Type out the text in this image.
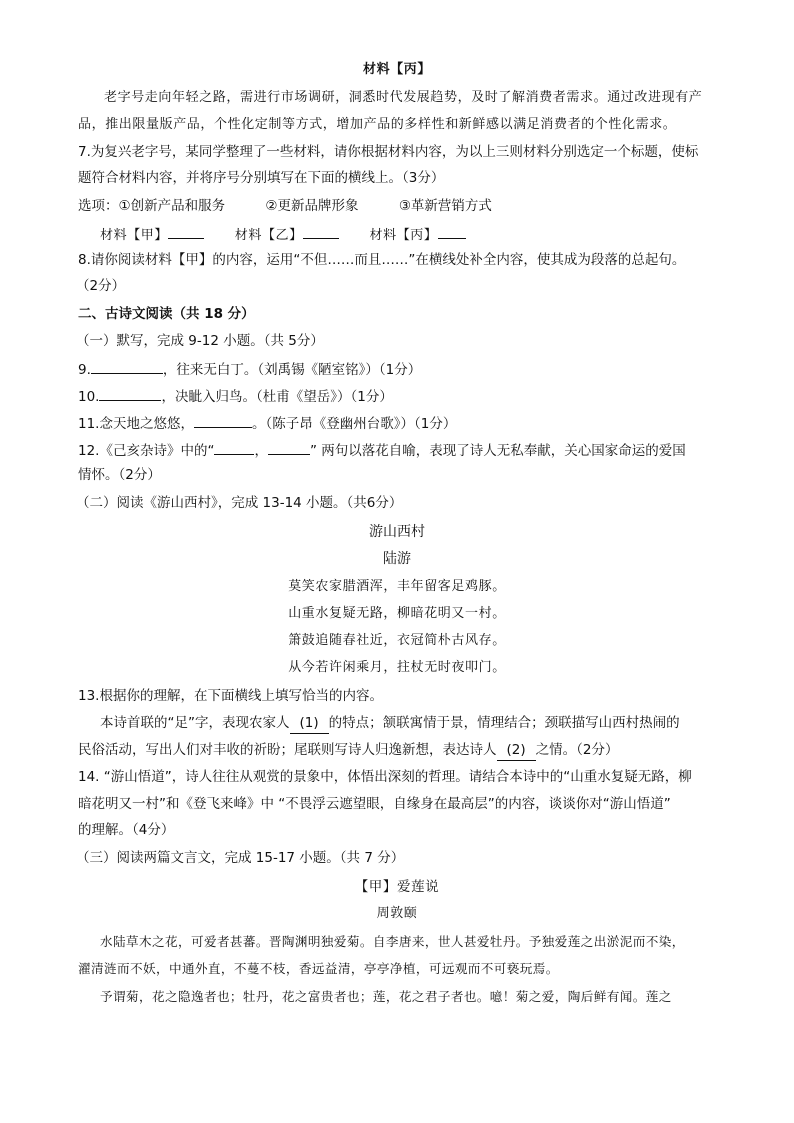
材料【丙】
老字号走向年轻之路，需进行市场调研，洞悉时代发展趋势，及时了解消费者需求。通过改进现有产
品，推出限量版产品，个性化定制等方式，增加产品的多样性和新鲜感以满足消费者的个性化需求。
7.为复兴老字号，某同学整理了一些材料，请你根据材料内容，为以上三则材料分别选定一个标题，使标
题符合材料内容，并将序号分别填写在下面的横线上。（3分）
选项：①创新产品和服务	②更新品牌形象	③革新营销方式
材料【甲】	材料【乙】	材料【丙】
8.请你阅读材料【甲】的内容，运用“不但……而且……”在横线处补全内容，使其成为段落的总起句。
（2分）
二、古诗文阅读（共 18 分）
（一）默写，完成 9-12 小题。（共 5分）
9.	，往来无白丁。（刘禹锡《陋室铭》）（1分）
10.	，决眦入归鸟。（杜甫《望岳》）（1分）
11.念天地之悠悠，	。（陈子昂《登幽州台歌》）（1分）
12.《己亥杂诗》中的“	，	” 两句以落花自喻，表现了诗人无私奉献，关心国家命运的爱国
情怀。（2分）
（二）阅读《游山西村》，完成 13-14 小题。（共6分）
游山西村
陆游
莫笑农家腊酒浑，丰年留客足鸡豚。
山重水复疑无路，柳暗花明又一村。
箫鼓追随春社近，衣冠简朴古风存。
从今若许闲乘月，拄杖无时夜叩门。
13.根据你的理解，在下面横线上填写恰当的内容。
本诗首联的“足”字，表现农家人 (1) 的特点；颔联寓情于景，情理结合；颈联描写山西村热闹的
民俗活动，写出人们对丰收的祈盼；尾联则写诗人归逸新想，表达诗人 (2) 之情。（2分）
14. “游山悟道”，诗人往往从观赏的景象中，体悟出深刻的哲理。请结合本诗中的“山重水复疑无路，柳
暗花明又一村”和《登飞来峰》中 “不畏浮云遮望眼，自缘身在最高层”的内容，谈谈你对“游山悟道”
的理解。（4分）
（三）阅读两篇文言文，完成 15-17 小题。（共 7 分）
【甲】爱莲说
周敦颐
水陆草木之花，可爱者甚蕃。晋陶渊明独爱菊。自李唐来，世人甚爱牡丹。予独爱莲之出淤泥而不染，
濯清涟而不妖，中通外直，不蔓不枝，香远益清，亭亭净植，可远观而不可亵玩焉。
予谓菊，花之隐逸者也；牡丹，花之富贵者也；莲，花之君子者也。噫！菊之爱，陶后鲜有闻。莲之
